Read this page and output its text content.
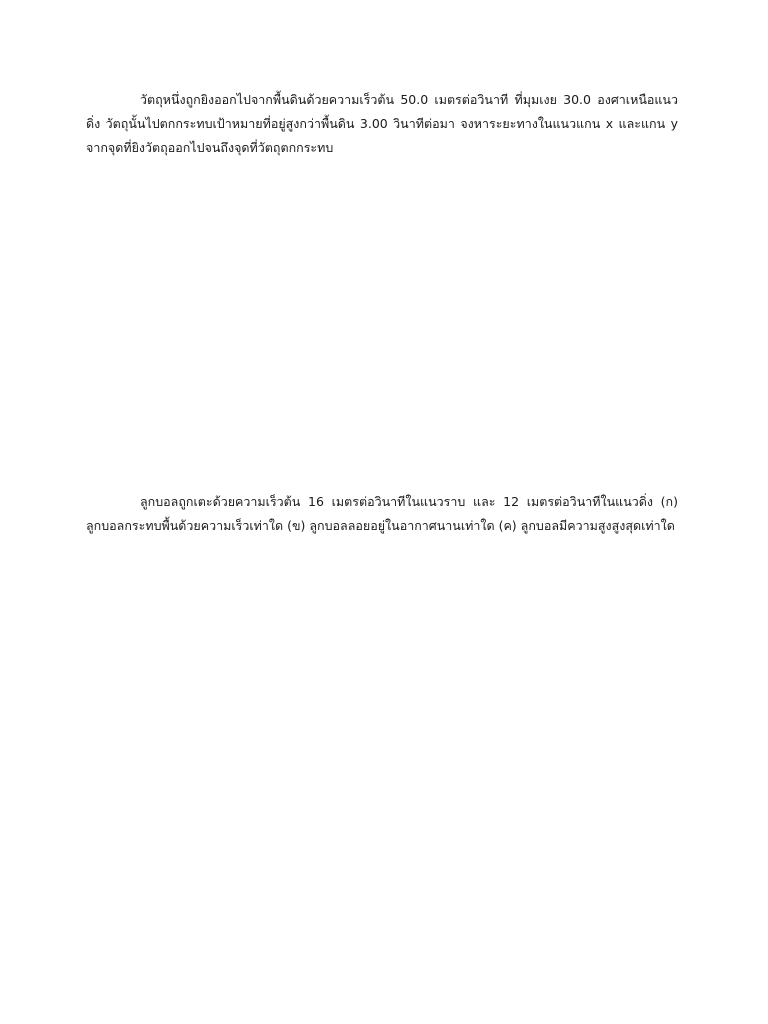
วัตถุหนึ่งถูกยิงออกไปจากพื้นดินด้วยความเร็วต้น 50.0 เมตรต่อวินาที ที่มุมเงย 30.0 องศาเหนือแนวดิ่ง วัตถุนั้นไปตกกระทบเป้าหมายที่อยู่สูงกว่าพื้นดิน 3.00 วินาทีต่อมา จงหาระยะทางในแนวแกน x และแกน y จากจุดที่ยิงวัตถุออกไปจนถึงจุดที่วัตถุตกกระทบ

ลูกบอลถูกเตะด้วยความเร็วต้น 16 เมตรต่อวินาทีในแนวราบ และ 12 เมตรต่อวินาทีในแนวดิ่ง (ก) ลูกบอลกระทบพื้นด้วยความเร็วเท่าใด (ข) ลูกบอลลอยอยู่ในอากาศนานเท่าใด (ค) ลูกบอลมีความสูงสูงสุดเท่าใด
